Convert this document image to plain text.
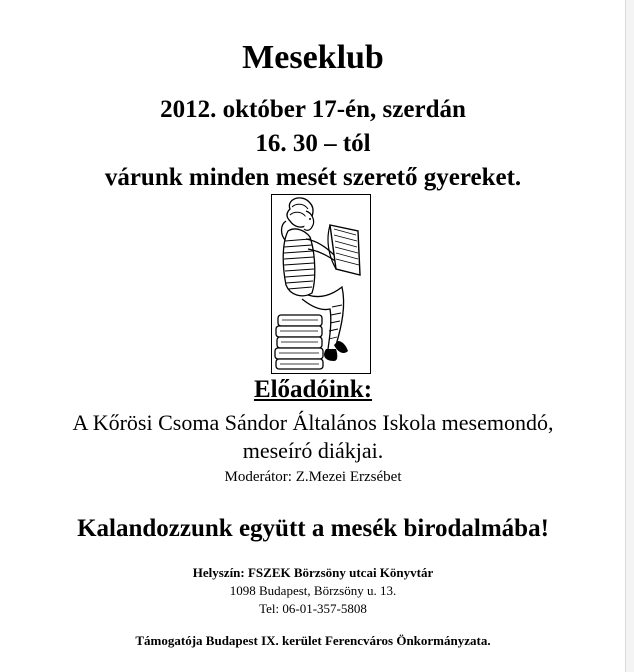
Meseklub
2012. október 17-én, szerdán
16. 30 – tól
várunk minden mesét szerető gyereket.
Előadóink:
A Kőrösi Csoma Sándor Általános Iskola mesemondó,
meseíró diákjai.
Moderátor: Z.Mezei Erzsébet
Kalandozzunk együtt a mesék birodalmába!
Helyszín: FSZEK Börzsöny utcai Könyvtár
1098 Budapest, Börzsöny u. 13.
Tel: 06-01-357-5808
Támogatója Budapest IX. kerület Ferencváros Önkormányzata.
